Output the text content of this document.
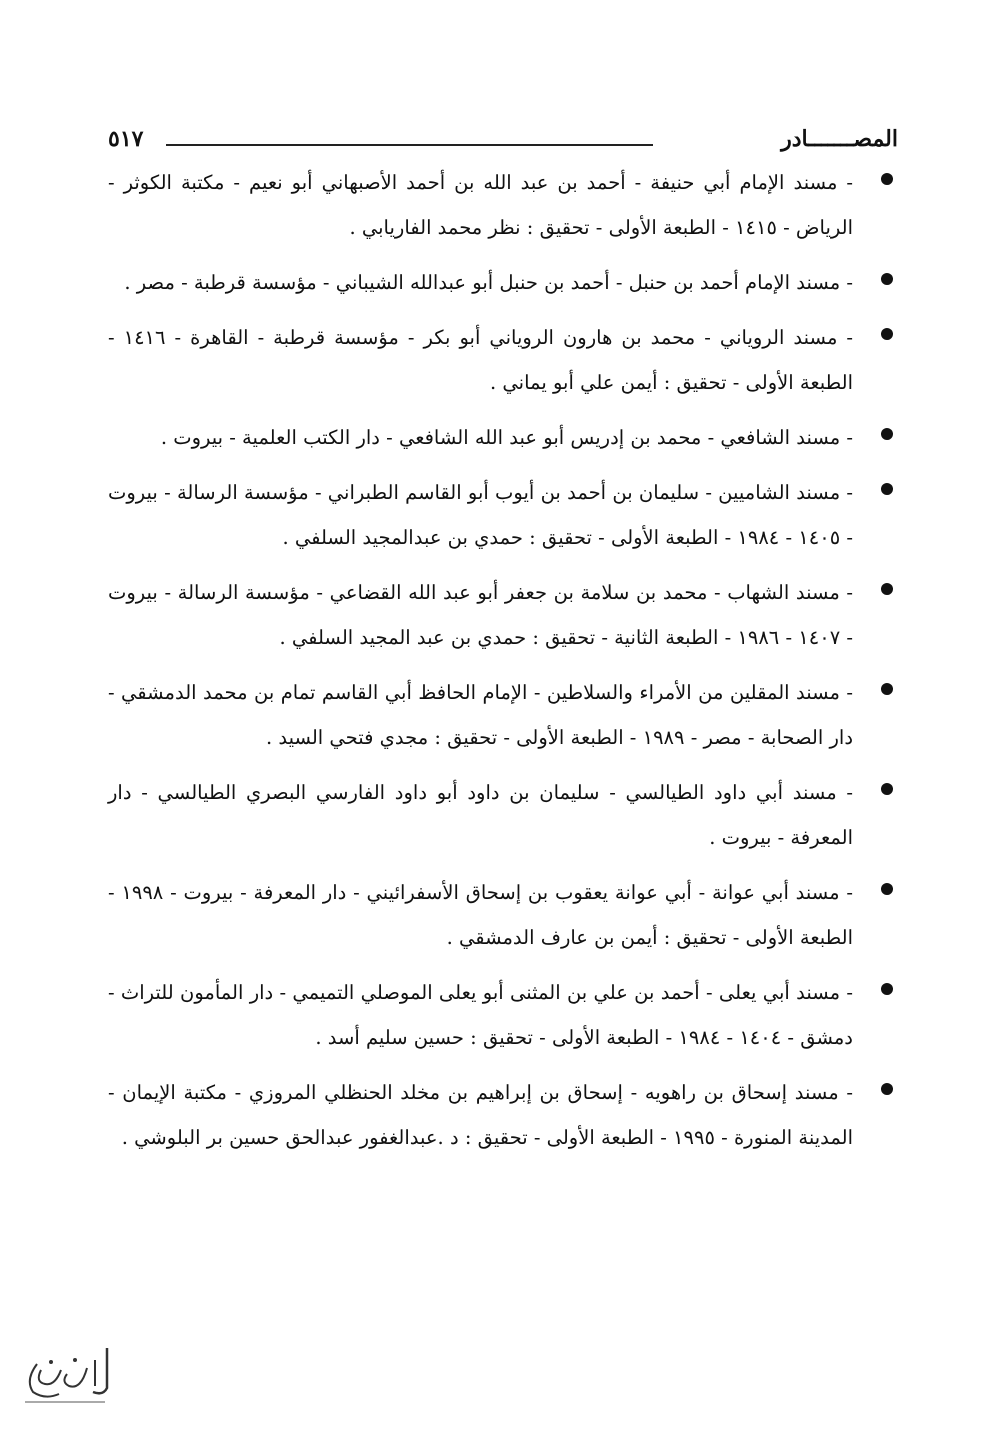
المصـــــــادر
٥١٧
- مسند الإمام أبي حنيفة - أحمد بن عبد الله بن أحمد الأصبهاني أبو نعيم - مكتبة الكوثر - الرياض - ١٤١٥ - الطبعة الأولى - تحقيق : نظر محمد الفاريابي .
- مسند الإمام أحمد بن حنبل - أحمد بن حنبل أبو عبدالله الشيباني - مؤسسة قرطبة - مصر .
- مسند الروياني - محمد بن هارون الروياني أبو بكر - مؤسسة قرطبة - القاهرة - ١٤١٦ - الطبعة الأولى - تحقيق : أيمن علي أبو يماني .
- مسند الشافعي - محمد بن إدريس أبو عبد الله الشافعي - دار الكتب العلمية - بيروت .
- مسند الشاميين - سليمان بن أحمد بن أيوب أبو القاسم الطبراني - مؤسسة الرسالة - بيروت - ١٤٠٥ - ١٩٨٤ - الطبعة الأولى - تحقيق : حمدي بن عبدالمجيد السلفي .
- مسند الشهاب - محمد بن سلامة بن جعفر أبو عبد الله القضاعي - مؤسسة الرسالة - بيروت - ١٤٠٧ - ١٩٨٦ - الطبعة الثانية - تحقيق : حمدي بن عبد المجيد السلفي .
- مسند المقلين من الأمراء والسلاطين - الإمام الحافظ أبي القاسم تمام بن محمد الدمشقي - دار الصحابة - مصر - ١٩٨٩ - الطبعة الأولى - تحقيق : مجدي فتحي السيد .
- مسند أبي داود الطيالسي - سليمان بن داود أبو داود الفارسي البصري الطيالسي - دار المعرفة - بيروت .
- مسند أبي عوانة - أبي عوانة يعقوب بن إسحاق الأسفرائيني - دار المعرفة - بيروت - ١٩٩٨ - الطبعة الأولى - تحقيق : أيمن بن عارف الدمشقي .
- مسند أبي يعلى - أحمد بن علي بن المثنى أبو يعلى الموصلي التميمي - دار المأمون للتراث - دمشق - ١٤٠٤ - ١٩٨٤ - الطبعة الأولى - تحقيق : حسين سليم أسد .
- مسند إسحاق بن راهويه - إسحاق بن إبراهيم بن مخلد الحنظلي المروزي - مكتبة الإيمان - المدينة المنورة - ١٩٩٥ - الطبعة الأولى - تحقيق : د .عبدالغفور عبدالحق حسين بر البلوشي .
